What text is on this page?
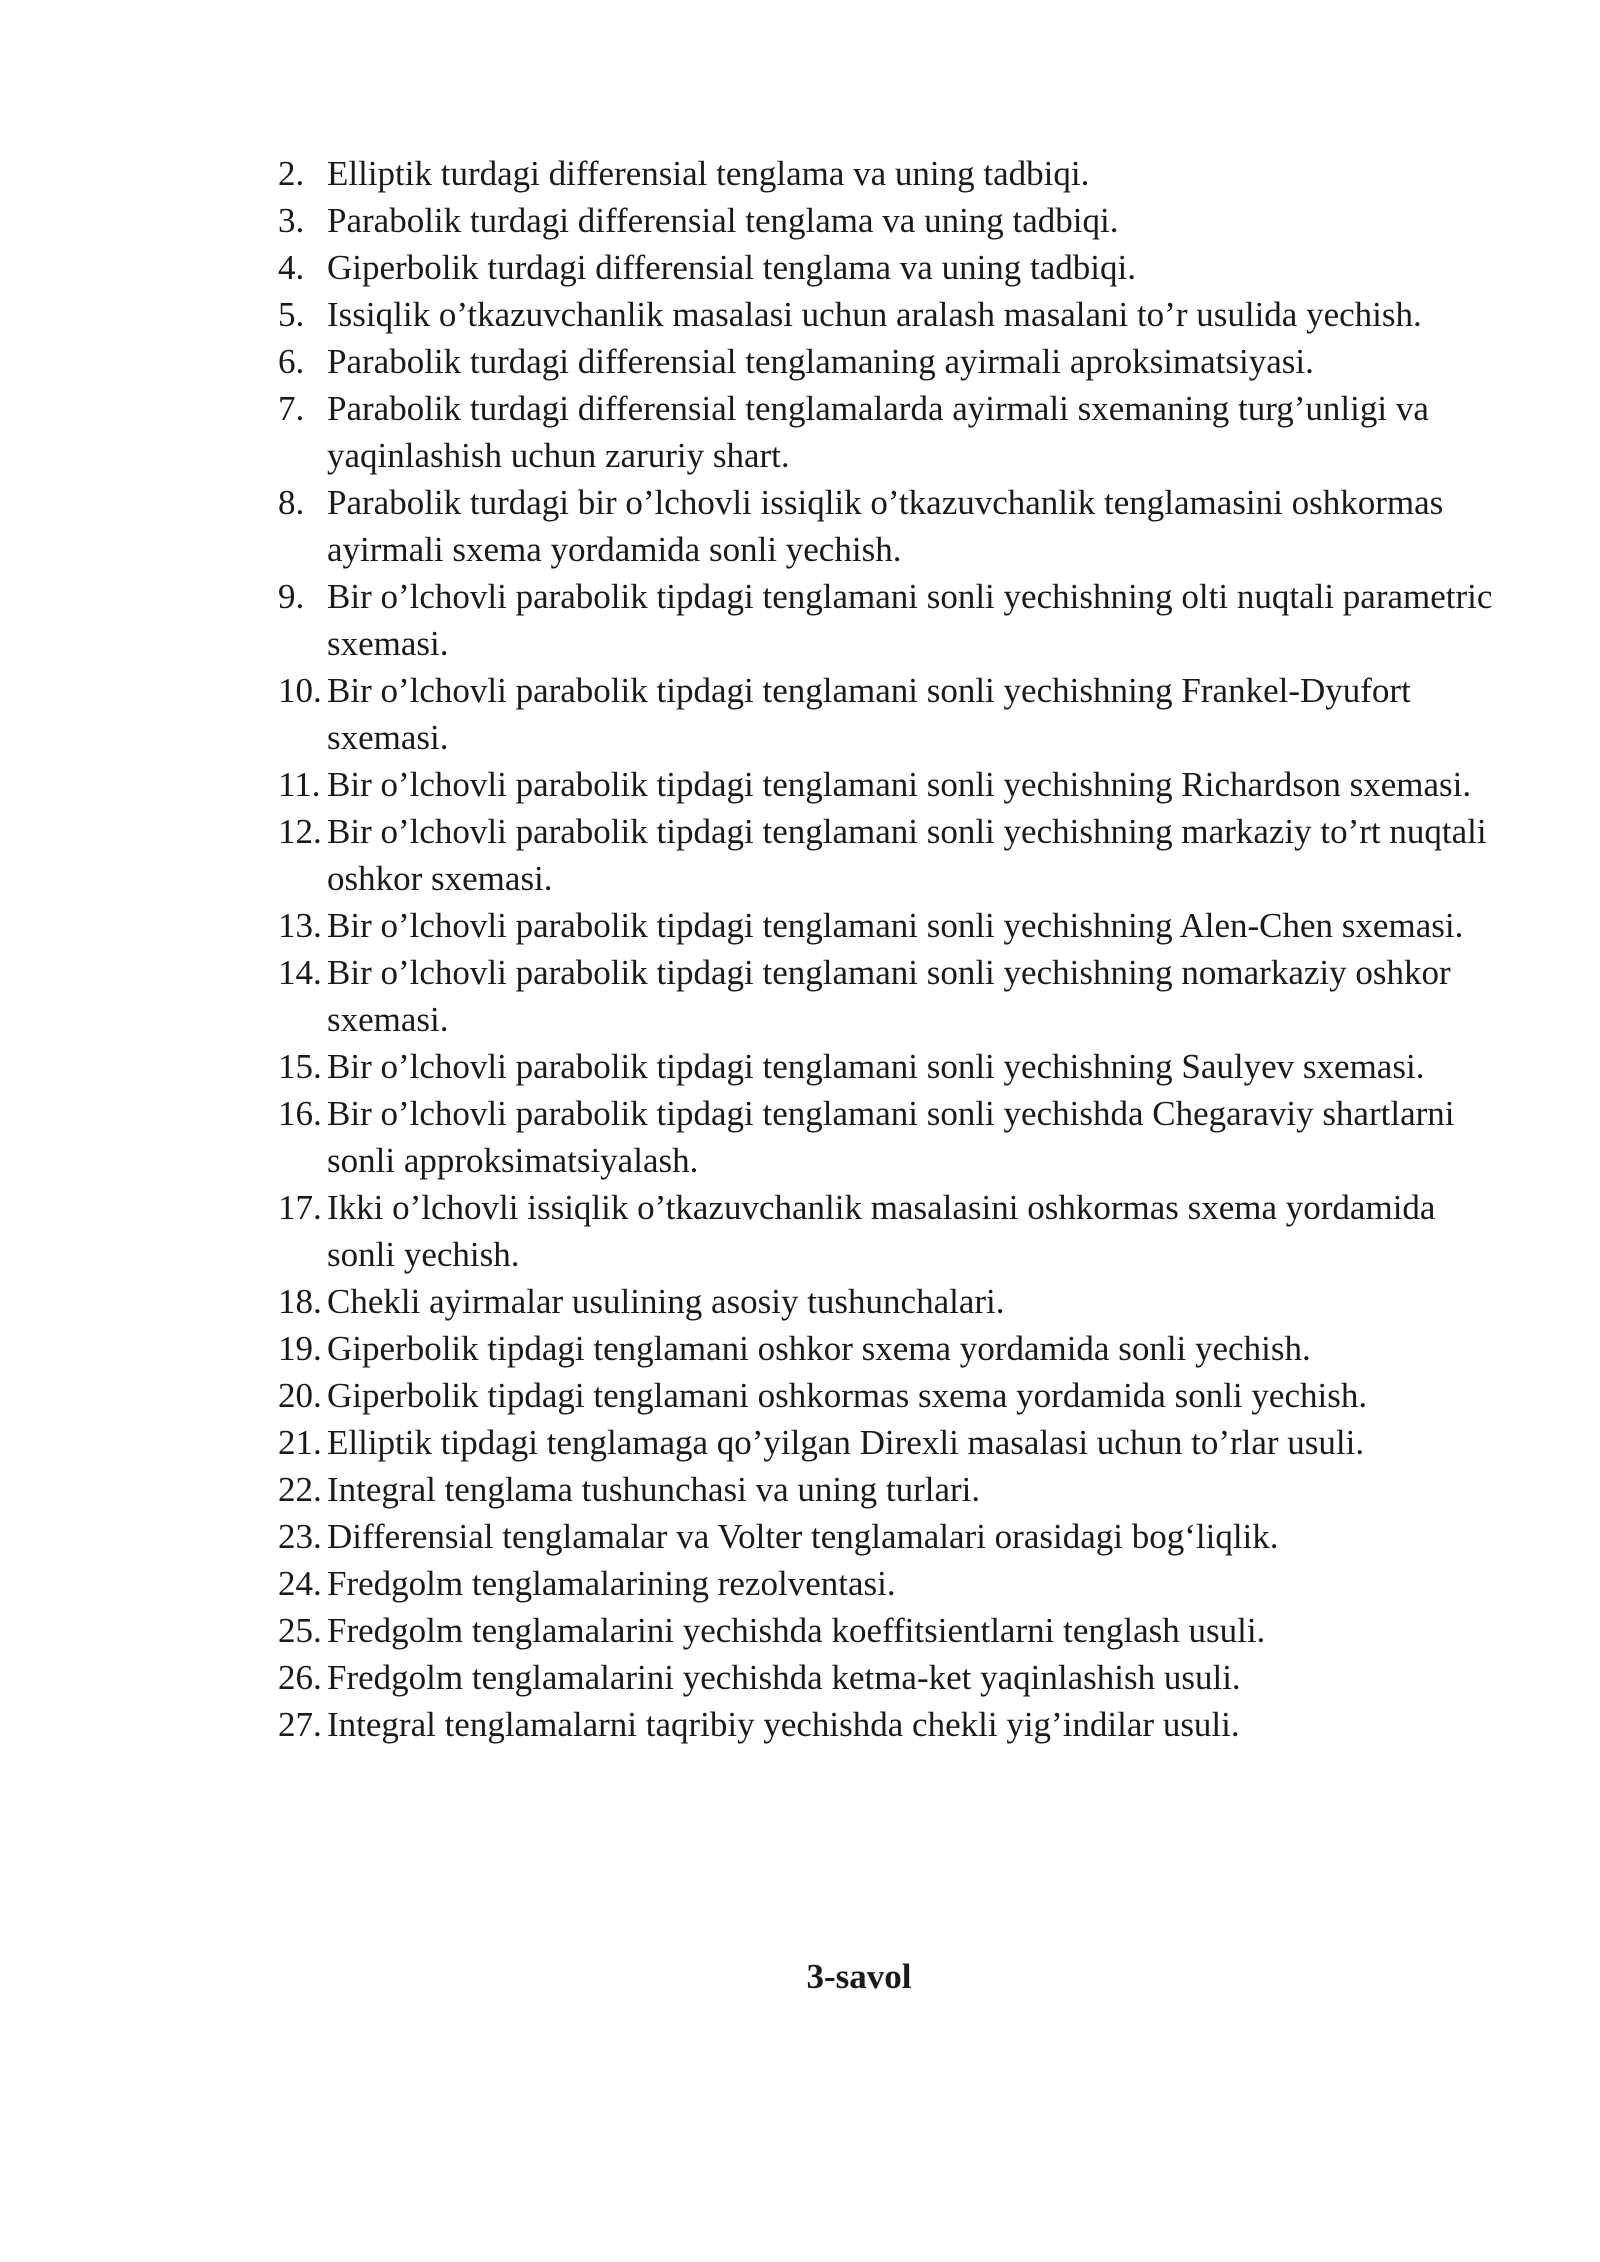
2. Elliptik turdagi differensial tenglama va uning tadbiqi.
3. Parabolik turdagi differensial tenglama va uning tadbiqi.
4. Giperbolik turdagi differensial tenglama va uning tadbiqi.
5. Issiqlik o’tkazuvchanlik masalasi uchun aralash masalani to’r usulida yechish.
6. Parabolik turdagi differensial tenglamaning ayirmali aproksimatsiyasi.
7. Parabolik turdagi differensial tenglamalarda ayirmali sxemaning turg’unligi va yaqinlashish uchun zaruriy shart.
8. Parabolik turdagi bir o’lchovli issiqlik o’tkazuvchanlik tenglamasini oshkormas ayirmali sxema yordamida sonli yechish.
9. Bir o’lchovli parabolik tipdagi tenglamani sonli yechishning olti nuqtali parametric sxemasi.
10. Bir o’lchovli parabolik tipdagi tenglamani sonli yechishning Frankel-Dyufort sxemasi.
11. Bir o’lchovli parabolik tipdagi tenglamani sonli yechishning Richardson sxemasi.
12. Bir o’lchovli parabolik tipdagi tenglamani sonli yechishning markaziy to’rt nuqtali oshkor sxemasi.
13. Bir o’lchovli parabolik tipdagi tenglamani sonli yechishning Alen-Chen sxemasi.
14. Bir o’lchovli parabolik tipdagi tenglamani sonli yechishning nomarkaziy oshkor sxemasi.
15. Bir o’lchovli parabolik tipdagi tenglamani sonli yechishning Saulyev sxemasi.
16. Bir o’lchovli parabolik tipdagi tenglamani sonli yechishda Chegaraviy shartlarni sonli approksimatsiyalash.
17. Ikki o’lchovli issiqlik o’tkazuvchanlik masalasini oshkormas sxema yordamida sonli yechish.
18. Chekli ayirmalar usulining asosiy tushunchalari.
19. Giperbolik tipdagi tenglamani oshkor sxema yordamida sonli yechish.
20. Giperbolik tipdagi tenglamani oshkormas sxema yordamida sonli yechish.
21. Elliptik tipdagi tenglamaga qo’yilgan Direxli masalasi uchun to’rlar usuli.
22. Integral tenglama tushunchasi va uning turlari.
23. Differensial tenglamalar va Volter tenglamalari orasidagi bog‘liqlik.
24. Fredgolm tenglamalarining rezolventasi.
25. Fredgolm tenglamalarini yechishda koeffitsientlarni tenglash usuli.
26. Fredgolm tenglamalarini yechishda ketma-ket yaqinlashish usuli.
27. Integral tenglamalarni taqribiy yechishda chekli yig’indilar usuli.
3-savol
